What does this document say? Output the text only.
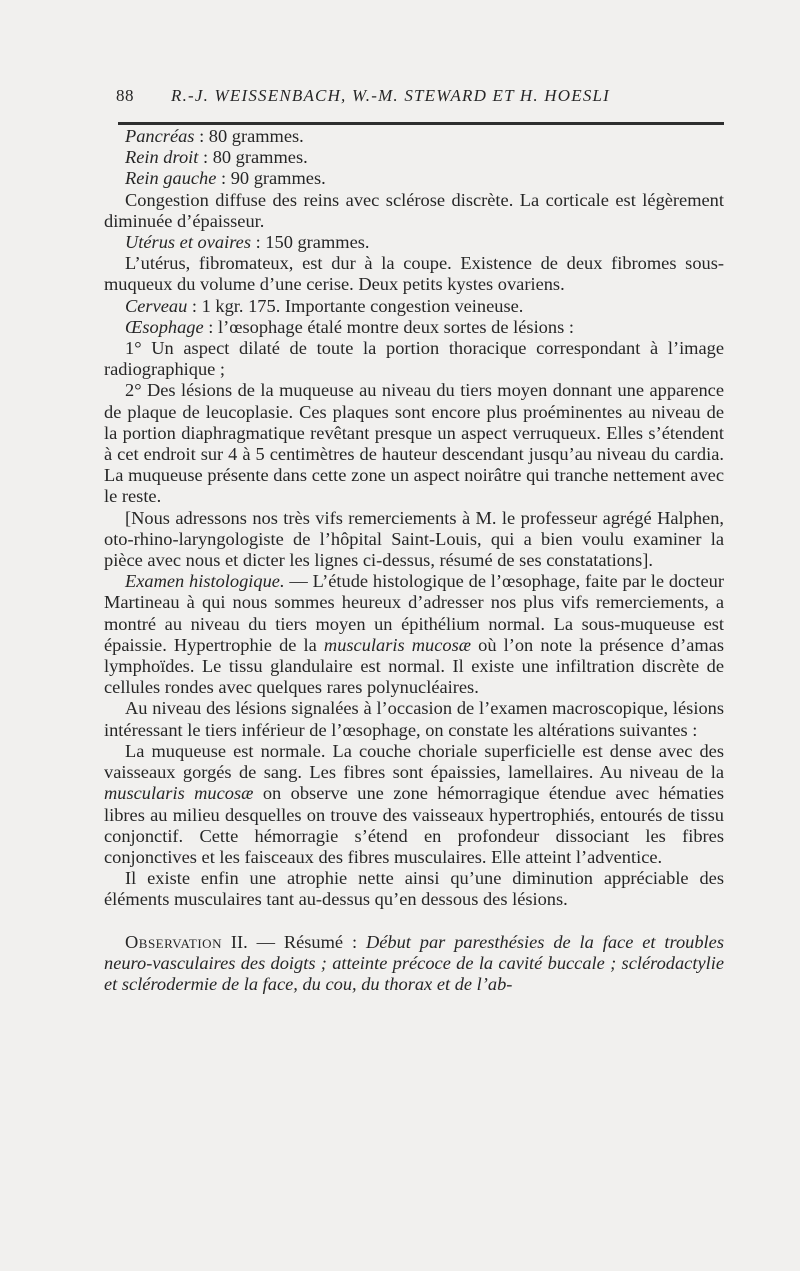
88 R.-J. WEISSENBACH, W.-M. STEWARD ET H. HOESLI

Pancréas : 80 grammes.

Rein droit : 80 grammes.

Rein gauche : 90 grammes.

Congestion diffuse des reins avec sclérose discrète. La corticale est légèrement diminuée d’épaisseur.

Utérus et ovaires : 150 grammes.

L’utérus, fibromateux, est dur à la coupe. Existence de deux fibromes sous-muqueux du volume d’une cerise. Deux petits kystes ovariens.

Cerveau : 1 kgr. 175. Importante congestion veineuse.

Œsophage : l’œsophage étalé montre deux sortes de lésions :

1° Un aspect dilaté de toute la portion thoracique correspondant à l’image radiographique ;

2° Des lésions de la muqueuse au niveau du tiers moyen donnant une apparence de plaque de leucoplasie. Ces plaques sont encore plus proéminentes au niveau de la portion diaphragmatique revêtant presque un aspect verruqueux. Elles s’étendent à cet endroit sur 4 à 5 centimètres de hauteur descendant jusqu’au niveau du cardia. La muqueuse présente dans cette zone un aspect noirâtre qui tranche nettement avec le reste.

[Nous adressons nos très vifs remerciements à M. le professeur agrégé Halphen, oto-rhino-laryngologiste de l’hôpital Saint-Louis, qui a bien voulu examiner la pièce avec nous et dicter les lignes ci-dessus, résumé de ses constatations].

Examen histologique. — L’étude histologique de l’œsophage, faite par le docteur Martineau à qui nous sommes heureux d’adresser nos plus vifs remerciements, a montré au niveau du tiers moyen un épithélium normal. La sous-muqueuse est épaissie. Hypertrophie de la muscularis mucosæ où l’on note la présence d’amas lymphoïdes. Le tissu glandulaire est normal. Il existe une infiltration discrète de cellules rondes avec quelques rares polynucléaires.

Au niveau des lésions signalées à l’occasion de l’examen macroscopique, lésions intéressant le tiers inférieur de l’œsophage, on constate les altérations suivantes :

La muqueuse est normale. La couche choriale superficielle est dense avec des vaisseaux gorgés de sang. Les fibres sont épaissies, lamellaires. Au niveau de la muscularis mucosæ on observe une zone hémorragique étendue avec hématies libres au milieu desquelles on trouve des vaisseaux hypertrophiés, entourés de tissu conjonctif. Cette hémorragie s’étend en profondeur dissociant les fibres conjonctives et les faisceaux des fibres musculaires. Elle atteint l’adventice.

Il existe enfin une atrophie nette ainsi qu’une diminution appréciable des éléments musculaires tant au-dessus qu’en dessous des lésions.

Observation II. — Résumé : Début par paresthésies de la face et troubles neuro-vasculaires des doigts ; atteinte précoce de la cavité buccale ; sclérodactylie et sclérodermie de la face, du cou, du thorax et de l’ab-
